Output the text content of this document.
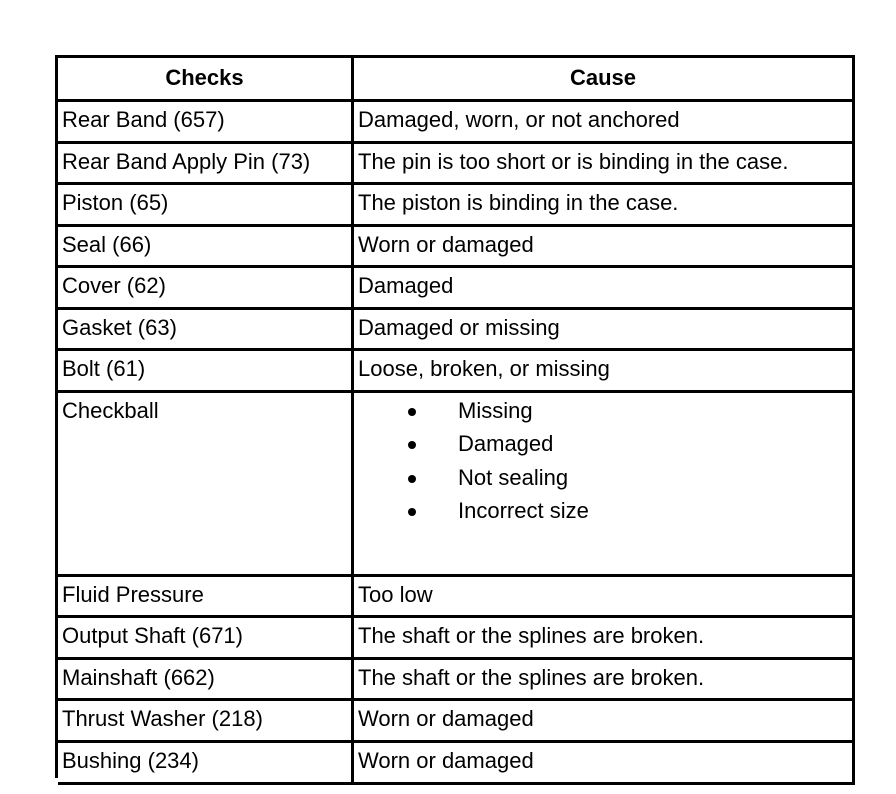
Checks	Cause
Rear Band (657)	Damaged, worn, or not anchored
Rear Band Apply Pin (73)	The pin is too short or is binding in the case.
Piston (65)	The piston is binding in the case.
Seal (66)	Worn or damaged
Cover (62)	Damaged
Gasket (63)	Damaged or missing
Bolt (61)	Loose, broken, or missing
Checkball	Missing
Damaged
Not sealing
Incorrect size
Fluid Pressure	Too low
Output Shaft (671)	The shaft or the splines are broken.
Mainshaft (662)	The shaft or the splines are broken.
Thrust Washer (218)	Worn or damaged
Bushing (234)	Worn or damaged
